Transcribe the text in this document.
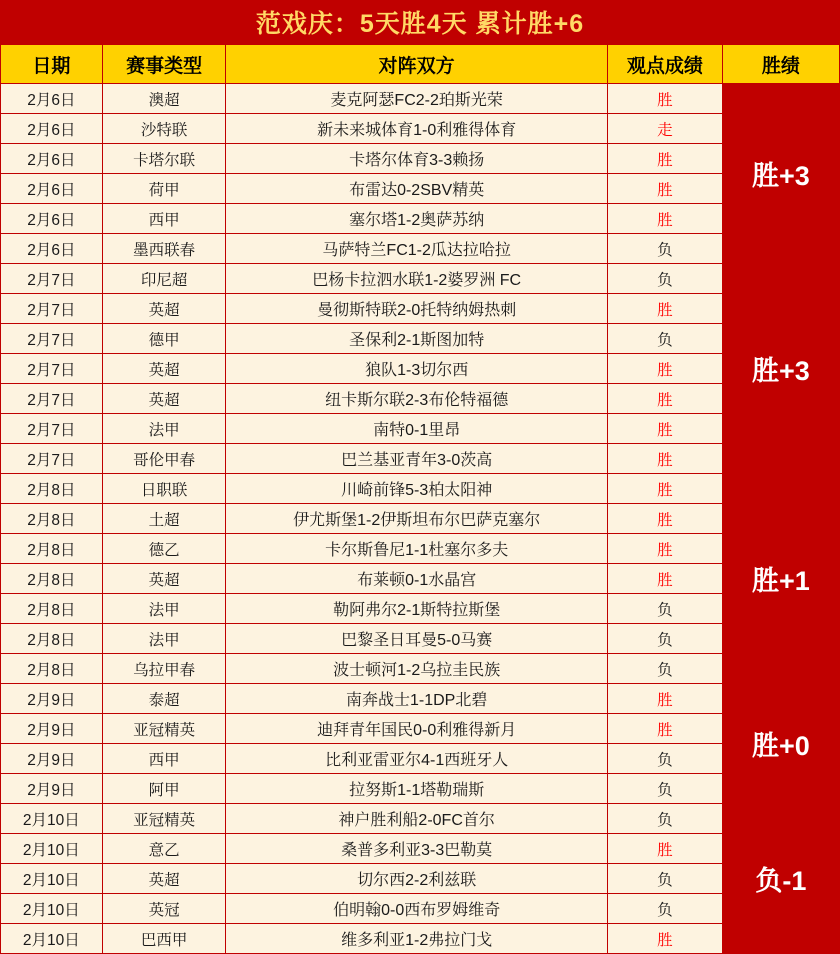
范戏庆：5天胜4天 累计胜+6
日期	赛事类型	对阵双方	观点成绩	胜绩
2月6日	澳超	麦克阿瑟FC2-2珀斯光荣	胜	胜+3
2月6日	沙特联	新未来城体育1-0利雅得体育	走	
2月6日	卡塔尔联	卡塔尔体育3-3赖扬	胜	
2月6日	荷甲	布雷达0-2SBV精英	胜	
2月6日	西甲	塞尔塔1-2奥萨苏纳	胜	
2月6日	墨西联春	马萨特兰FC1-2瓜达拉哈拉	负	
2月7日	印尼超	巴杨卡拉泗水联1-2婆罗洲 FC	负	胜+3
2月7日	英超	曼彻斯特联2-0托特纳姆热刺	胜	
2月7日	德甲	圣保利2-1斯图加特	负	
2月7日	英超	狼队1-3切尔西	胜	
2月7日	英超	纽卡斯尔联2-3布伦特福德	胜	
2月7日	法甲	南特0-1里昂	胜	
2月7日	哥伦甲春	巴兰基亚青年3-0茨高	胜	
2月8日	日职联	川崎前锋5-3柏太阳神	胜	胜+1
2月8日	土超	伊尤斯堡1-2伊斯坦布尔巴萨克塞尔	胜	
2月8日	德乙	卡尔斯鲁尼1-1杜塞尔多夫	胜	
2月8日	英超	布莱顿0-1水晶宫	胜	
2月8日	法甲	勒阿弗尔2-1斯特拉斯堡	负	
2月8日	法甲	巴黎圣日耳曼5-0马赛	负	
2月8日	乌拉甲春	波士顿河1-2乌拉圭民族	负	
2月9日	泰超	南奔战士1-1DP北碧	胜	胜+0
2月9日	亚冠精英	迪拜青年国民0-0利雅得新月	胜	
2月9日	西甲	比利亚雷亚尔4-1西班牙人	负	
2月9日	阿甲	拉努斯1-1塔勒瑞斯	负	
2月10日	亚冠精英	神户胜利船2-0FC首尔	负	负-1
2月10日	意乙	桑普多利亚3-3巴勒莫	胜	
2月10日	英超	切尔西2-2利兹联	负	
2月10日	英冠	伯明翰0-0西布罗姆维奇	负	
2月10日	巴西甲	维多利亚1-2弗拉门戈	胜	
